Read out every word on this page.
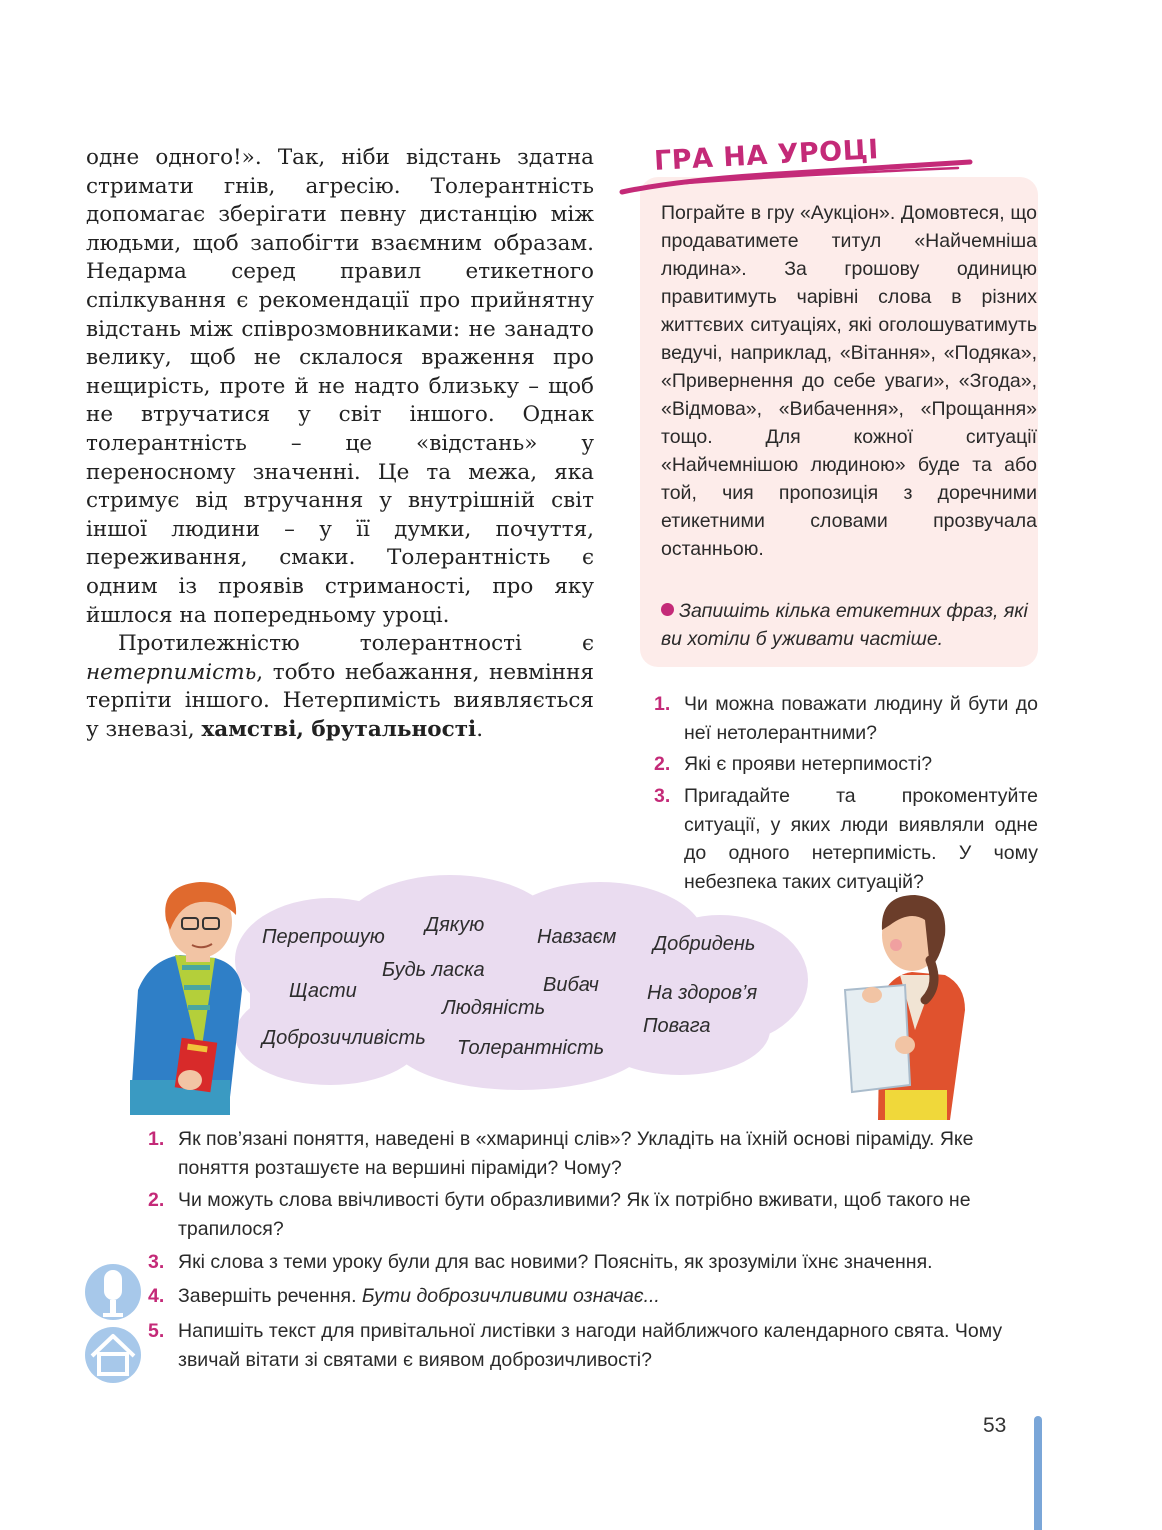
одне одного!». Так, ніби відстань здатна стримати гнів, агресію. Толерантність допомагає зберігати певну дистанцію між людьми, щоб запобігти взаємним образам. Недарма серед правил етикетного спілкування є рекомендації про прийнятну відстань між співрозмовниками: не занадто велику, щоб не склалося враження про нещирість, проте й не надто близьку – щоб не втручатися у світ іншого. Однак толерантність – це «відстань» у переносному значенні. Це та межа, яка стримує від втручання у внутрішній світ іншої людини – у її думки, почуття, переживання, смаки. Толерантність є одним із проявів стриманості, про яку йшлося на попередньому уроці.

Протилежністю толерантності є нетерпимість, тобто небажання, невміння терпіти іншого. Нетерпимість виявляється у зневазі, хамстві, брутальності.

ГРА НА УРОЦІ
Пограйте в гру «Аукціон». Домовтеся, що продаватимете титул «Найчемніша людина». За грошову одиницю правитимуть чарівні слова в різних життєвих ситуаціях, які оголошуватимуть ведучі, наприклад, «Вітання», «Подяка», «Привернення до себе уваги», «Згода», «Відмова», «Вибачення», «Прощання» тощо. Для кожної ситуації «Найчемнішою людиною» буде та або той, чия пропозиція з доречними етикетними словами прозвучала останньою.
Запишіть кілька етикетних фраз, які ви хотіли б уживати частіше.
1. Чи можна поважати людину й бути до неї нетолерантними?
2. Які є прояви нетерпимості?
3. Пригадайте та прокоментуйте ситуації, у яких люди виявляли одне до одного нетерпимість. У чому небезпека таких ситуацій?
Перепрошую
Дякую
Навзаєм Добридень
Будь ласка
Щасти	Вибач На здоров’я
Людяність
Повага
Доброзичливість Толерантність
1. Як пов’язані поняття, наведені в «хмаринці слів»? Укладіть на їхній основі піраміду. Яке поняття розташуєте на вершині піраміди? Чому?
2. Чи можуть слова ввічливості бути образливими? Як їх потрібно вживати, щоб такого не трапилося?
3. Які слова з теми уроку були для вас новими? Поясніть, як зрозуміли їхнє значення.
4. Завершіть речення. Бути доброзичливими означає...
5. Напишіть текст для привітальної листівки з нагоди найближчого календарного свята. Чому звичай вітати зі святами є виявом доброзичливості?
53
